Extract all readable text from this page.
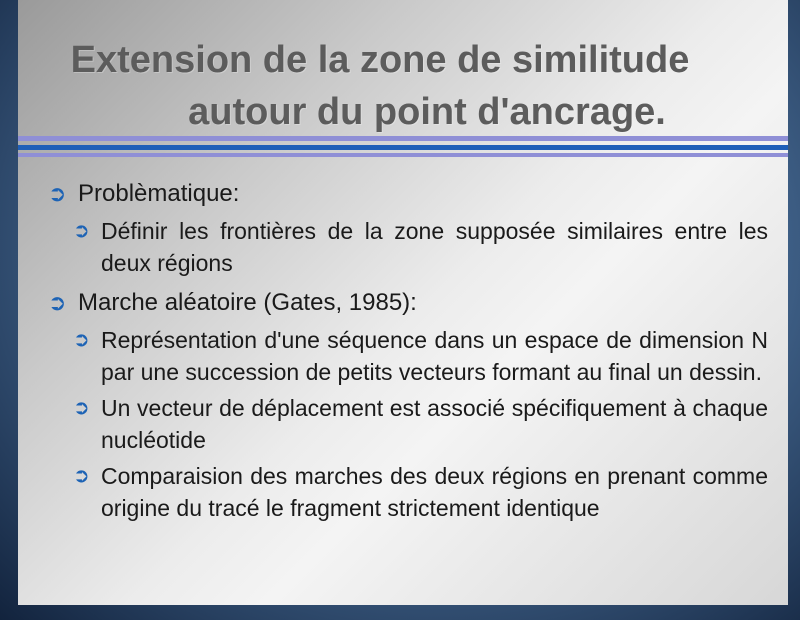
Extension de la zone de similitude
autour du point d'ancrage.
➲ Problèmatique:
➲ Définir les frontières de la zone supposée similaires entre les deux régions
➲ Marche aléatoire (Gates, 1985):
➲ Représentation d'une séquence dans un espace de dimension N par une succession de petits vecteurs formant au final un dessin.
➲ Un vecteur de déplacement est associé spécifiquement à chaque nucléotide
➲ Comparaision des marches des deux régions en prenant comme origine du tracé le fragment strictement identique
